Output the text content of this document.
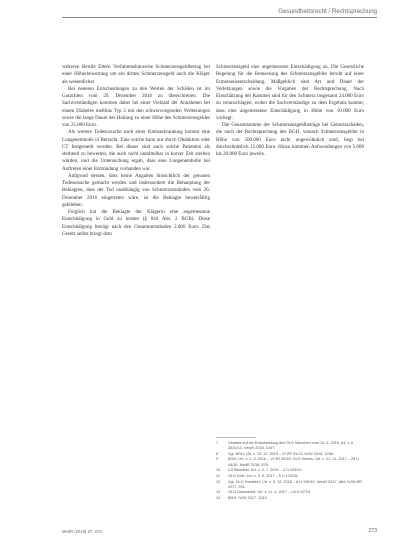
Gesundheitsrecht / Rechtsprechung

weiteren Berufe Eltern Verfahrenshinweise Schmerzensgeldbetrag bei einer Höherbewertung um ein drittes Schmerzensgeld auch die Kläger als wesentlicher

Bei neueren Entscheidungen zu den Werten der Schäden ist im Gutachten vom 29. Dezember 2016 zu überschreiten. Die Sachverständigen kommen dabei bei einer Vielzahl der Annahmen bei einem Diabetes mellitus Typ 2 mit den schwerwiegenden Verletzungen sowie die lange Dauer der Heilung zu einer Höhe des Schmerzensgeldes von 25.000 Euro.

Als weitere Todesursache nach einer Krebserkrankung kommt eine Lungenembolie in Betracht. Eine solche kann nur durch Obduktion oder CT festgestellt werden. Bei dieser sind auch solche Patienten als sterbend zu bewerten, die auch nicht unmittelbar in kurzer Zeit sterben würden, und die Untersuchung ergab, dass eine Lungenembolie bei Auftreten einer Entzündung vorhanden war.

Aufgrund dessen, dass keine Angaben hinsichtlich der genauen Todesursache gemacht werden und insbesondere die Behauptung der Beklagten, dass der Tod unabhängig von Schmerzzuständen vom 26. Dezember 2016 eingetreten wäre, ist die Beklagte beweisfällig geblieben.

Folglich hat die Beklagte der Klägerin eine angemessene Entschädigung in Geld zu leisten (§ 844 Abs. 2 BGB). Diese Entschädigung beträgt nach den Gesamtumständen 2.000 Euro. Das Gesetz selbst bringt dem

Schmerzensgeld eine angemessene Entschädigung zu. Die Gesetzliche Regelung für die Bemessung des Schmerzensgeldes beruht auf einer Ermessensentscheidung. Maßgeblich sind Art und Dauer der Verletzungen sowie die Vorgaben der Rechtsprechung. Nach Einschätzung der Kammer sind für den Schmerz insgesamt 24.000 Euro zu veranschlagen, wobei die Sachverständige zu dem Ergebnis kommt, dass eine angemessene Entschädigung in Höhe von 10.000 Euro vorliegt.

Die Gesamtsumme der Schmerzensgeldbeträge bei Geburtsschäden, die nach der Rechtsprechung des BGH, wonach Schmerzensgelder in Höhe von 500.000 Euro nicht ungewöhnlich sind, liegt bei durchschnittlich 12.000 Euro. Hinzu kommen Aufwendungen von 5.000 bis 20.000 Euro jeweils.

7	Hinweis auf die Entscheidung des OLG München vom 13. 6. 2015, Az. 1 U 3521/13, VersR 2016, 1047.
8	Vgl. BGH, Urt. v. 15. 12. 2015 – VI ZR 31/13, NJW 2016, 1256.
9	BGH, Urt. v. 1. 3. 2016 – VI ZR 34/15; OLG Hamm, Urt. v. 21. 11. 2017 – 26 U 44/16, MedR 2018, 678.
10	LG Bielefeld, Urt. v. 2. 7. 2015 – 4 O 229/12.
11	OLG Köln, Urt. v. 3. 5. 2017 – 5 U 124/16.
12	Vgl. OLG Frankfurt, Urt. v. 9. 12. 2016 – 8 U 109/15; VersR 2017, 884; NJW-RR 2017, 931.
13	OLG Düsseldorf, Urt. v. 11. 4. 2017 – I-8 U 67/15.
14	BGH, NJW 2017, 1243.
MedR (2019) 37: 273	273
